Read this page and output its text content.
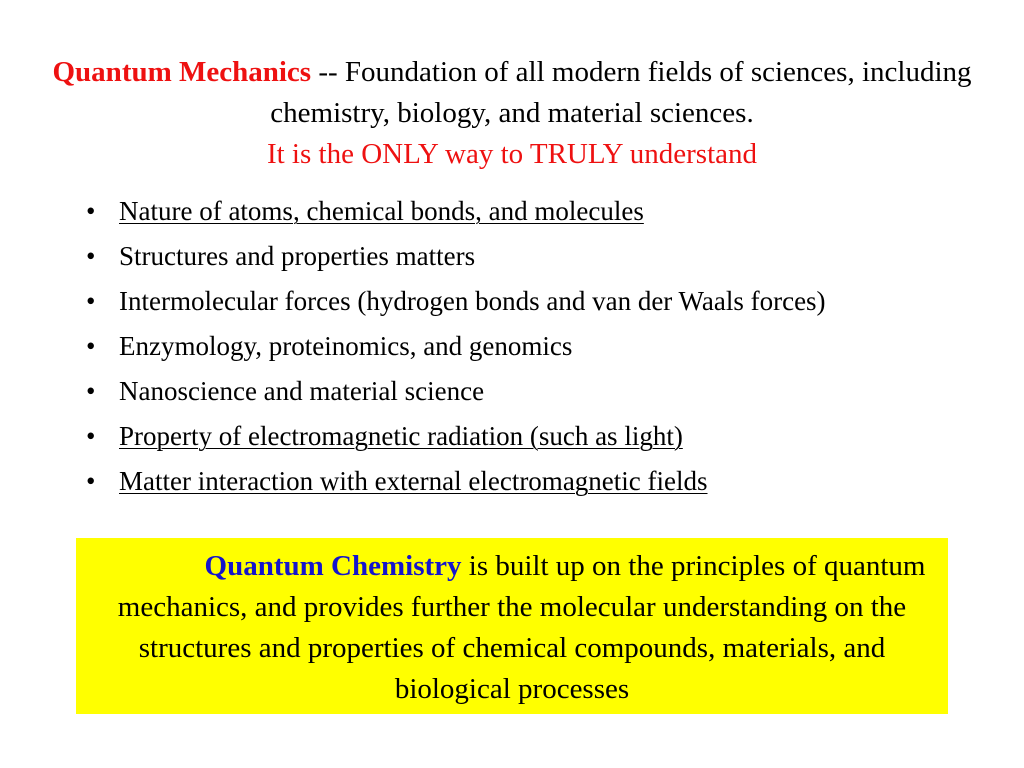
Quantum Mechanics -- Foundation of all modern fields of sciences, including chemistry, biology, and material sciences.
It is the ONLY way to TRULY understand
• Nature of atoms, chemical bonds, and molecules
• Structures and properties matters
• Intermolecular forces (hydrogen bonds and van der Waals forces)
• Enzymology, proteinomics, and genomics
• Nanoscience and material science
• Property of electromagnetic radiation (such as light)
• Matter interaction with external electromagnetic fields
Quantum Chemistry is built up on the principles of quantum mechanics, and provides further the molecular understanding on the structures and properties of chemical compounds, materials, and biological processes
